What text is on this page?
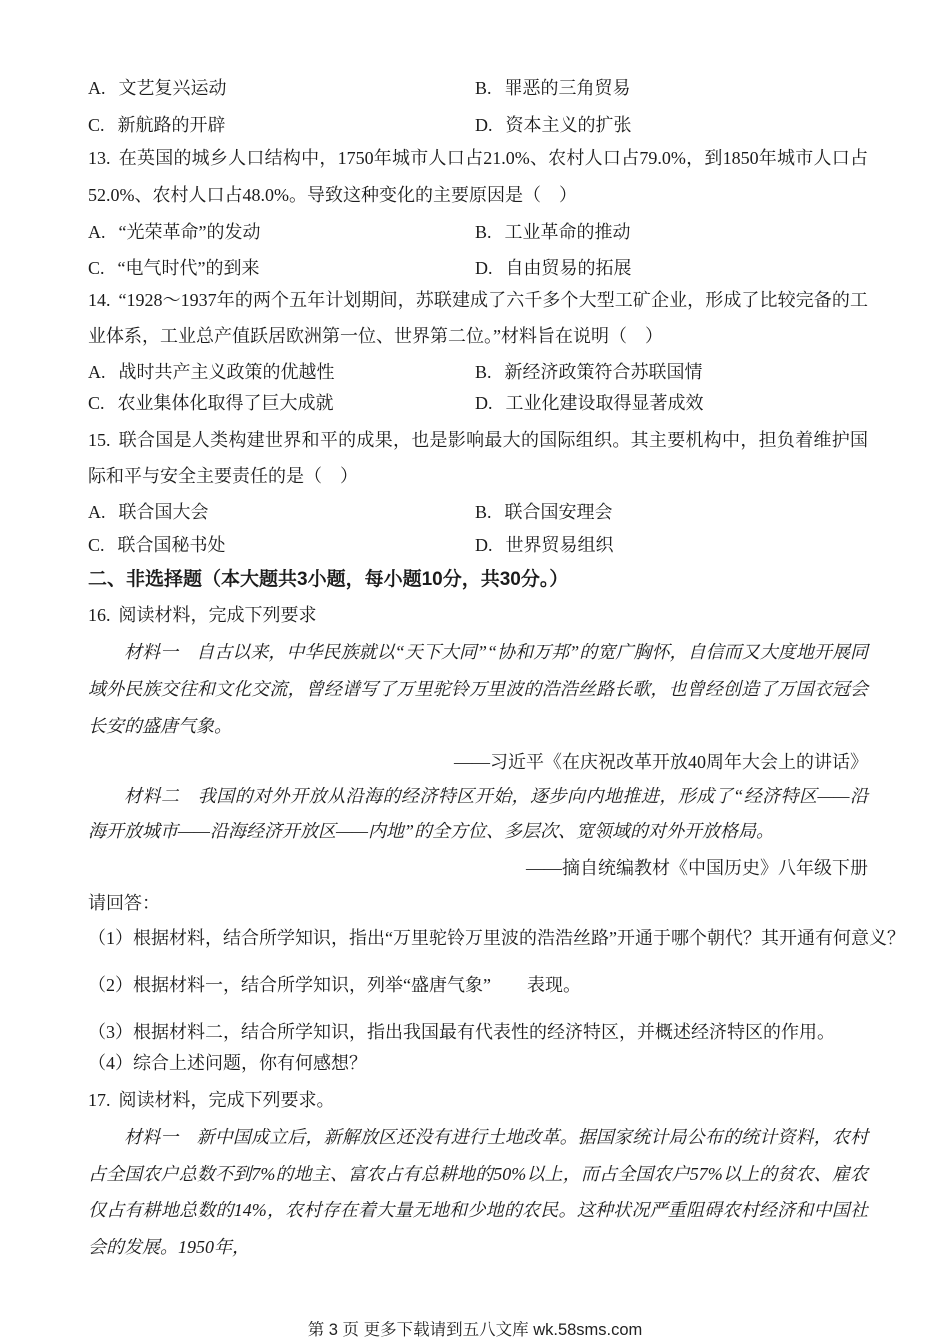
A. 文艺复兴运动	B. 罪恶的三角贸易
C. 新航路的开辟	D. 资本主义的扩张
13. 在英国的城乡人口结构中，1750年城市人口占21.0%、农村人口占79.0%，到1850年城市人口占52.0%、农村人口占48.0%。导致这种变化的主要原因是（　）
A. “光荣革命”的发动	B. 工业革命的推动
C. “电气时代”的到来	D. 自由贸易的拓展
14. “1928～1937年的两个五年计划期间，苏联建成了六千多个大型工矿企业，形成了比较完备的工业体系，工业总产值跃居欧洲第一位、世界第二位。”材料旨在说明（　）
A. 战时共产主义政策的优越性	B. 新经济政策符合苏联国情
C. 农业集体化取得了巨大成就	D. 工业化建设取得显著成效
15. 联合国是人类构建世界和平的成果，也是影响最大的国际组织。其主要机构中，担负着维护国际和平与安全主要责任的是（　）
A. 联合国大会	B. 联合国安理会
C. 联合国秘书处	D. 世界贸易组织
二、非选择题（本大题共3小题，每小题10分，共30分。）
16. 阅读材料，完成下列要求
材料一　自古以来，中华民族就以“天下大同”“协和万邦”的宽广胸怀，自信而又大度地开展同域外民族交往和文化交流，曾经谱写了万里驼铃万里波的浩浩丝路长歌，也曾经创造了万国衣冠会长安的盛唐气象。
——习近平《在庆祝改革开放40周年大会上的讲话》
材料二　我国的对外开放从沿海的经济特区开始，逐步向内地推进，形成了“经济特区——沿海开放城市——沿海经济开放区——内地”的全方位、多层次、宽领域的对外开放格局。
——摘自统编教材《中国历史》八年级下册
请回答：
（1）根据材料，结合所学知识，指出“万里驼铃万里波的浩浩丝路”开通于哪个朝代？其开通有何意义？
（2）根据材料一，结合所学知识，列举“盛唐气象”　　表现。
（3）根据材料二，结合所学知识，指出我国最有代表性的经济特区，并概述经济特区的作用。
（4）综合上述问题，你有何感想？
17. 阅读材料，完成下列要求。
材料一　新中国成立后，新解放区还没有进行土地改革。据国家统计局公布的统计资料，农村占全国农户总数不到7%的地主、富农占有总耕地的50%以上，而占全国农户57%以上的贫农、雇农仅占有耕地总数的14%，农村存在着大量无地和少地的农民。这种状况严重阻碍农村经济和中国社会的发展。1950年，
第 3 页 更多下载请到五八文库 wk.58sms.com
